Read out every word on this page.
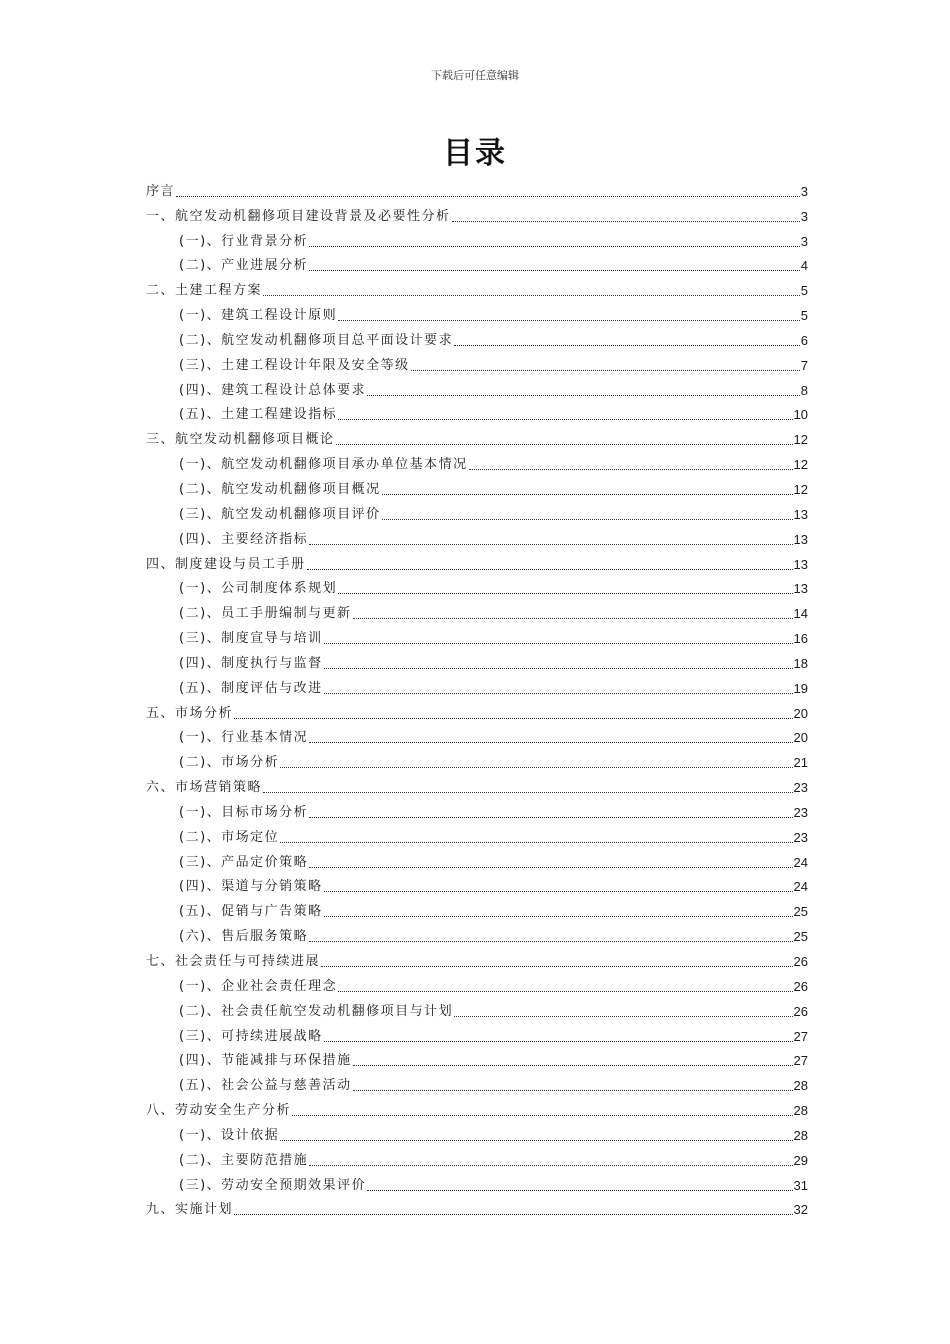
下载后可任意编辑
目录
序言	3
一、航空发动机翻修项目建设背景及必要性分析	3
(一)、行业背景分析	3
(二)、产业进展分析	4
二、土建工程方案	5
(一)、建筑工程设计原则	5
(二)、航空发动机翻修项目总平面设计要求	6
(三)、土建工程设计年限及安全等级	7
(四)、建筑工程设计总体要求	8
(五)、土建工程建设指标	10
三、航空发动机翻修项目概论	12
(一)、航空发动机翻修项目承办单位基本情况	12
(二)、航空发动机翻修项目概况	12
(三)、航空发动机翻修项目评价	13
(四)、主要经济指标	13
四、制度建设与员工手册	13
(一)、公司制度体系规划	13
(二)、员工手册编制与更新	14
(三)、制度宣导与培训	16
(四)、制度执行与监督	18
(五)、制度评估与改进	19
五、市场分析	20
(一)、行业基本情况	20
(二)、市场分析	21
六、市场营销策略	23
(一)、目标市场分析	23
(二)、市场定位	23
(三)、产品定价策略	24
(四)、渠道与分销策略	24
(五)、促销与广告策略	25
(六)、售后服务策略	25
七、社会责任与可持续进展	26
(一)、企业社会责任理念	26
(二)、社会责任航空发动机翻修项目与计划	26
(三)、可持续进展战略	27
(四)、节能减排与环保措施	27
(五)、社会公益与慈善活动	28
八、劳动安全生产分析	28
(一)、设计依据	28
(二)、主要防范措施	29
(三)、劳动安全预期效果评价	31
九、实施计划	32
